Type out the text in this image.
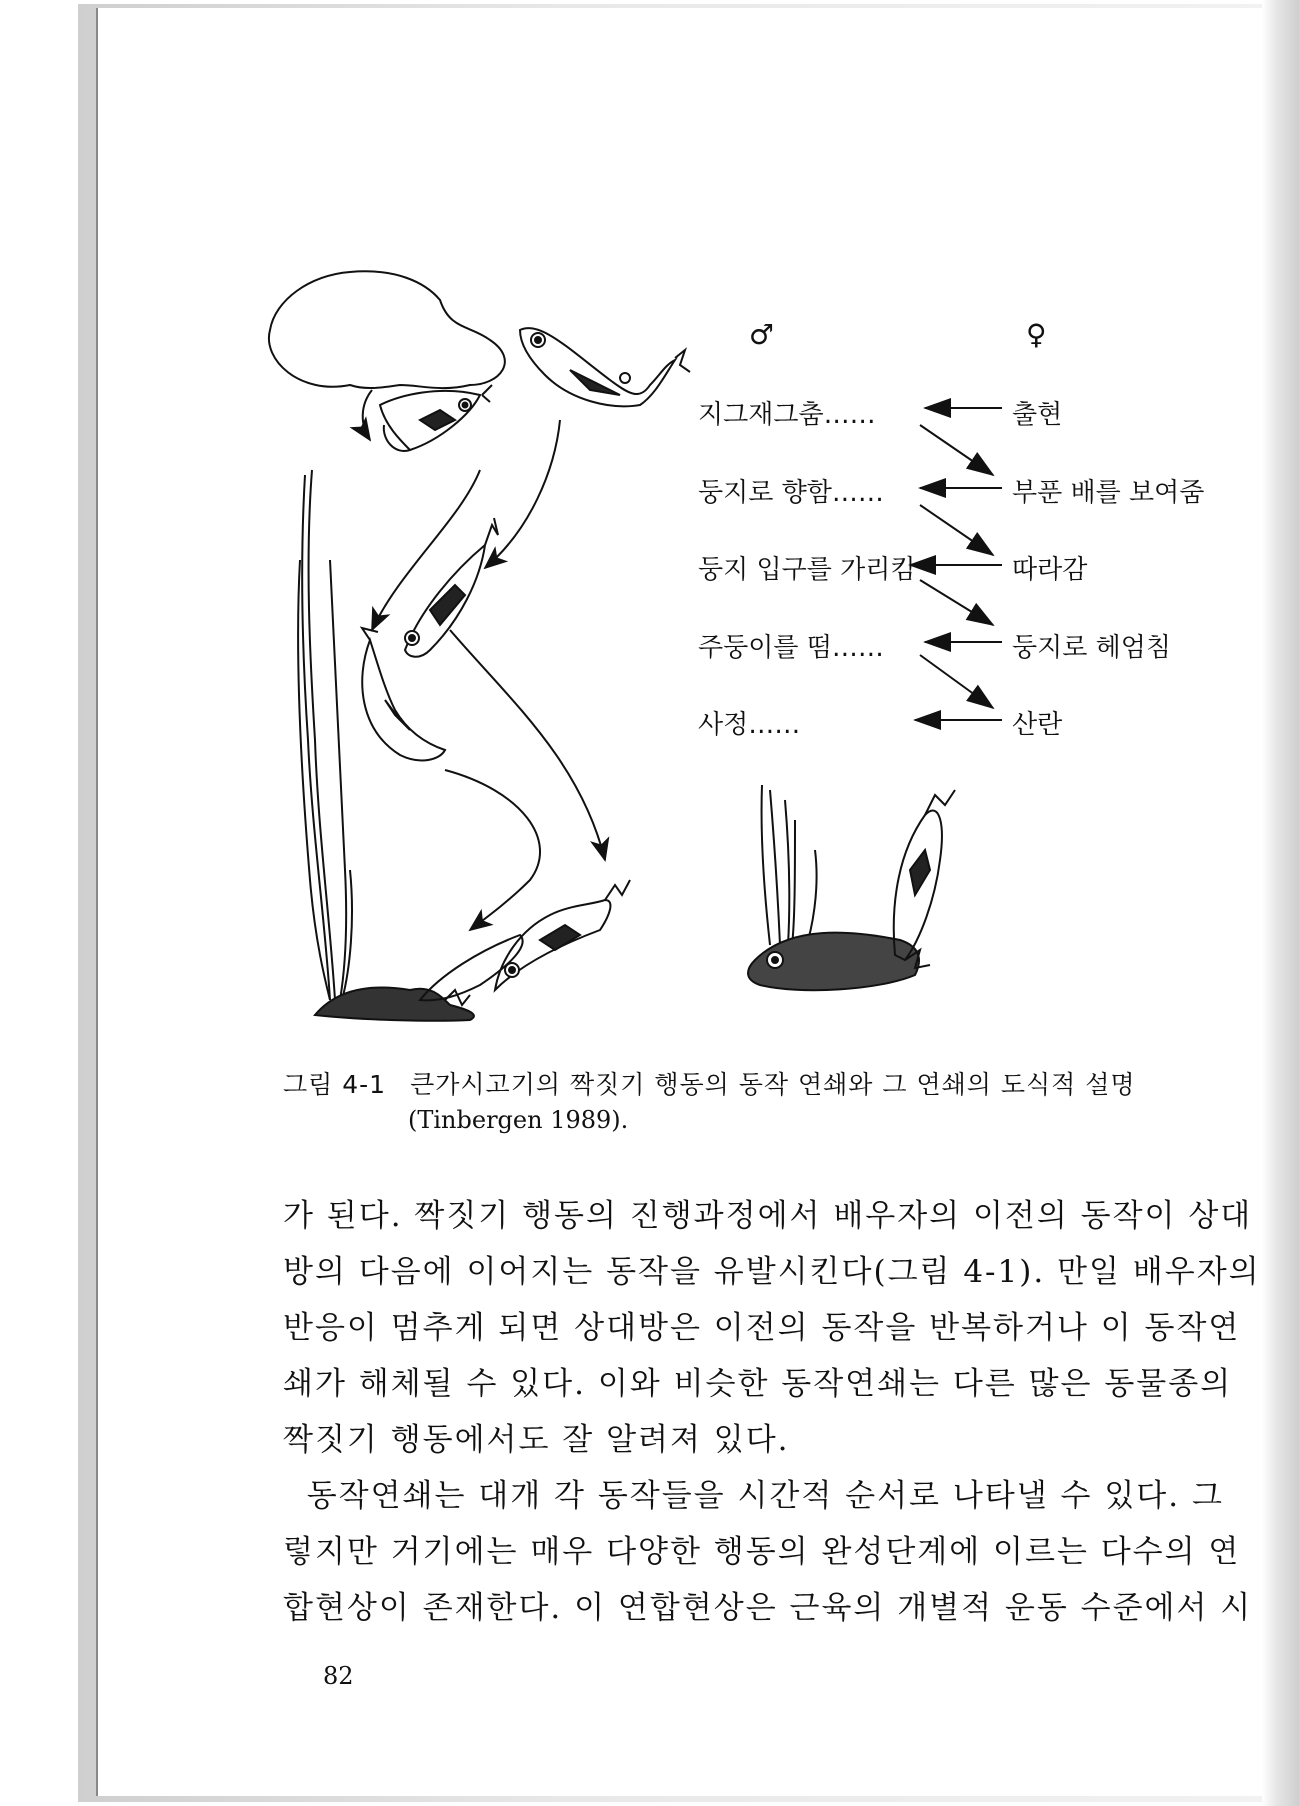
♂	♀
지그재그춤……
둥지로 향함……
둥지 입구를 가리킴
주둥이를 떰……
사정……
출현
부푼 배를 보여줌
따라감
둥지로 헤엄침
산란
그림 4-1 큰가시고기의 짝짓기 행동의 동작 연쇄와 그 연쇄의 도식적 설명
(Tinbergen 1989).
가 된다. 짝짓기 행동의 진행과정에서 배우자의 이전의 동작이 상대
방의 다음에 이어지는 동작을 유발시킨다(그림 4-1). 만일 배우자의
반응이 멈추게 되면 상대방은 이전의 동작을 반복하거나 이 동작연
쇄가 해체될 수 있다. 이와 비슷한 동작연쇄는 다른 많은 동물종의
짝짓기 행동에서도 잘 알려져 있다.
동작연쇄는 대개 각 동작들을 시간적 순서로 나타낼 수 있다. 그
렇지만 거기에는 매우 다양한 행동의 완성단계에 이르는 다수의 연
합현상이 존재한다. 이 연합현상은 근육의 개별적 운동 수준에서 시
82
